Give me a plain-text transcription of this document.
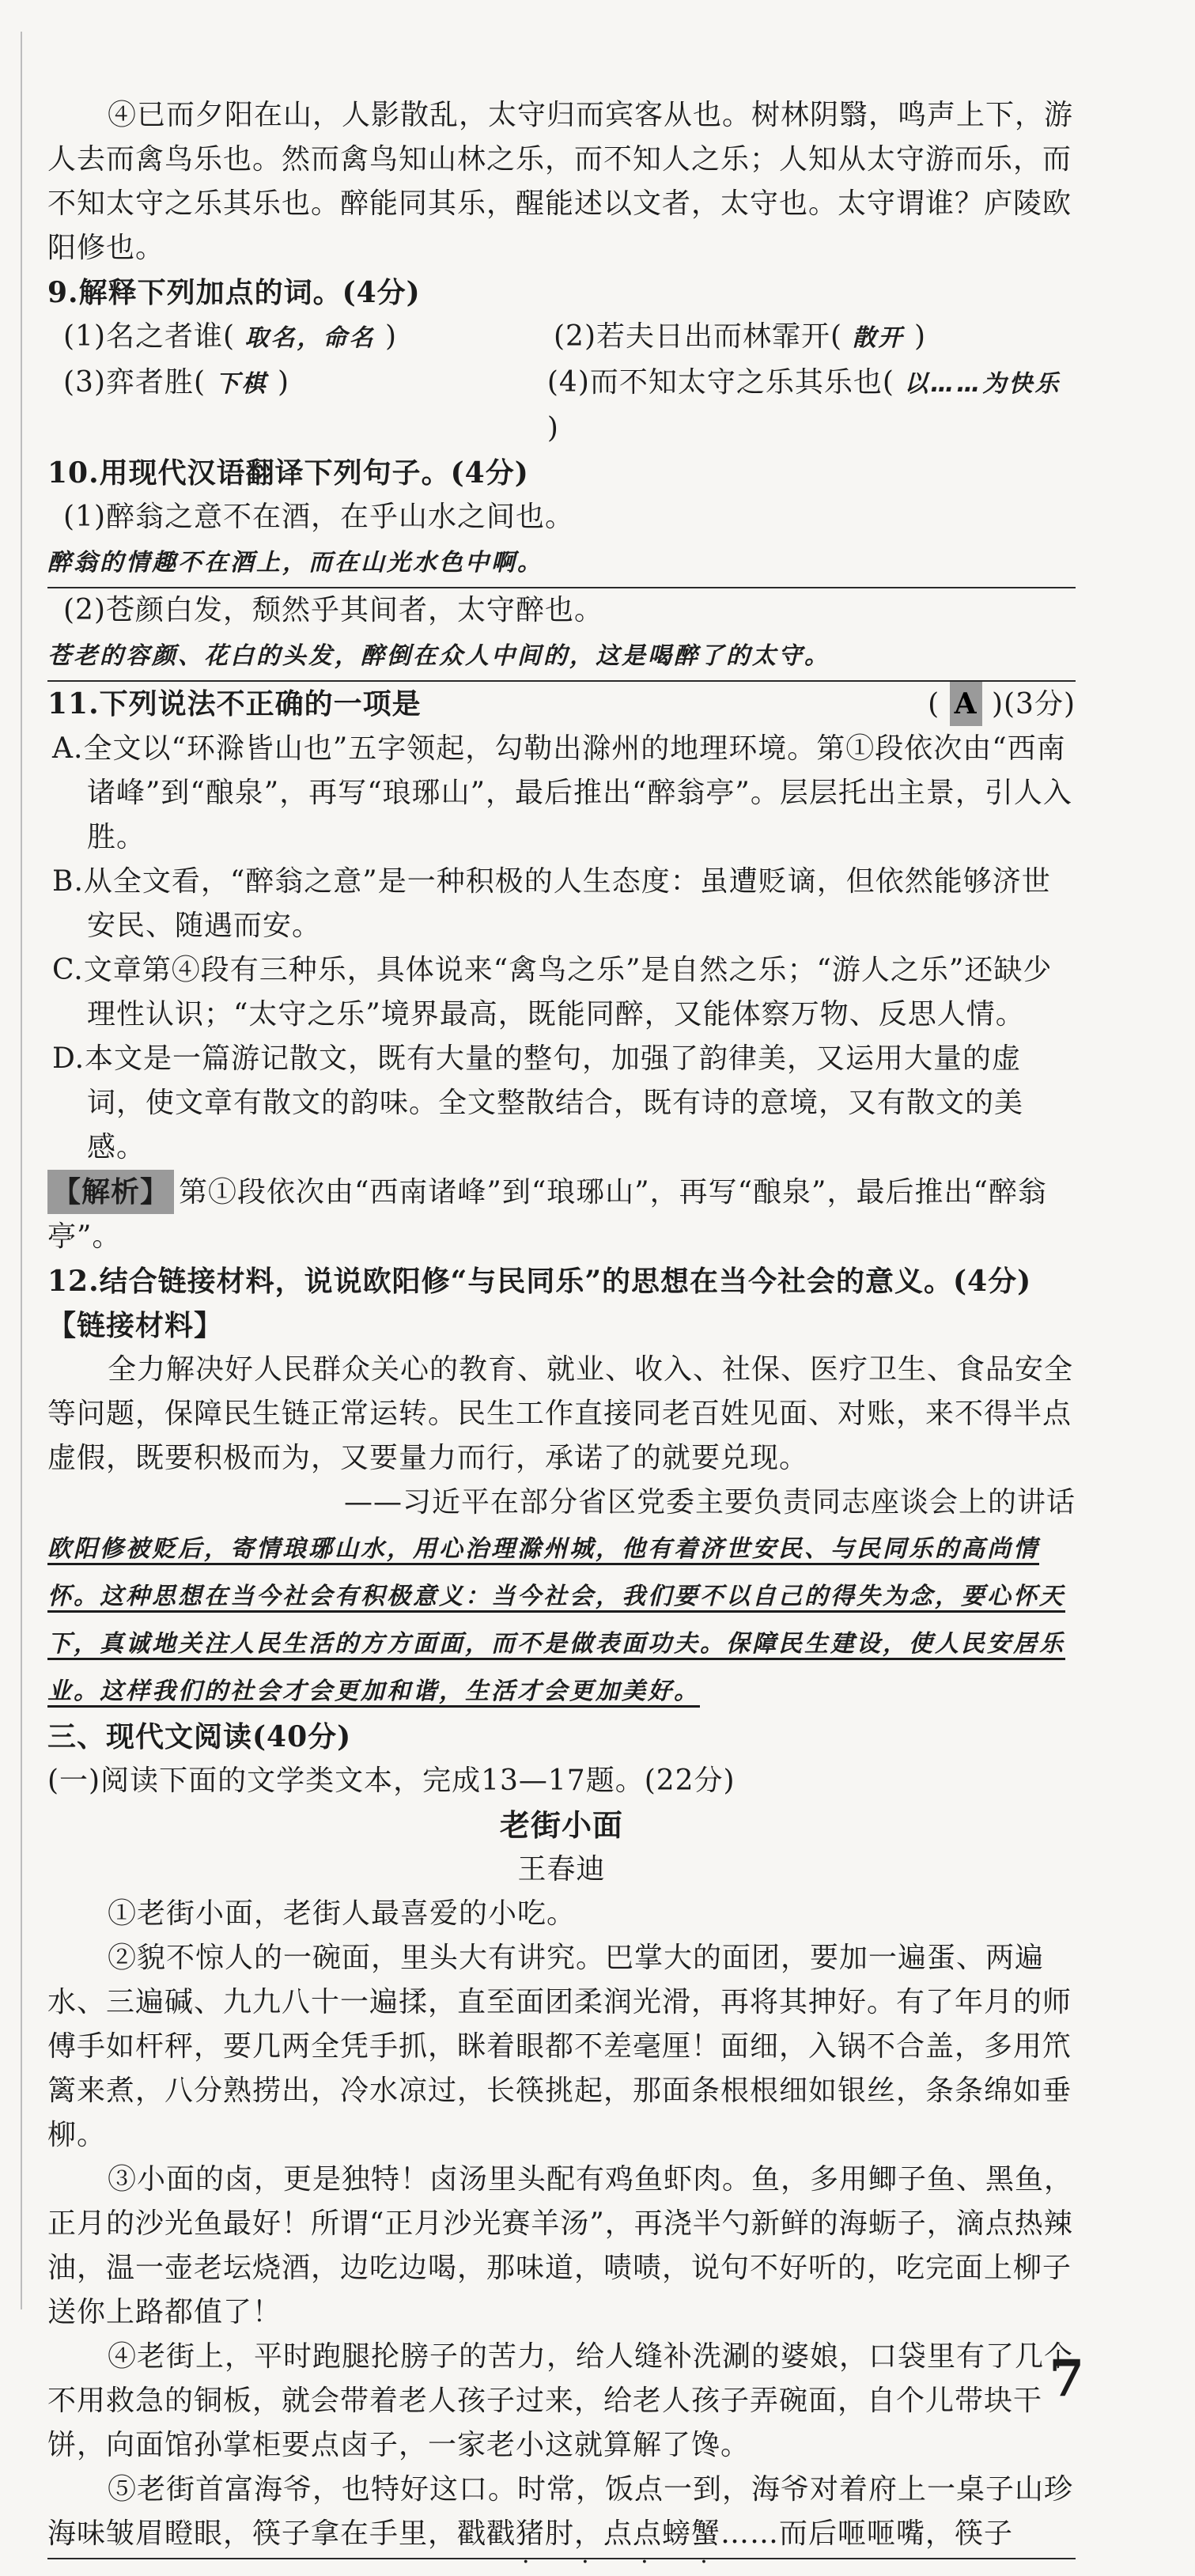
④已而夕阳在山，人影散乱，太守归而宾客从也。树林阴翳，鸣声上下，游人去而禽鸟乐也。然而禽鸟知山林之乐，而不知人之乐；人知从太守游而乐，而不知太守之乐其乐也。醉能同其乐，醒能述以文者，太守也。太守谓谁？庐陵欧阳修也。

9.解释下列加点的词。(4分)

(1)名之者谁( 取名，命名 )	(2)若夫日出而林霏开( 散开 )
(3)弈者胜( 下棋 )	(4)而不知太守之乐其乐也( 以……为快乐 )

10.用现代汉语翻译下列句子。(4分)

(1)醉翁之意不在酒，在乎山水之间也。

醉翁的情趣不在酒上，而在山光水色中啊。

(2)苍颜白发，颓然乎其间者，太守醉也。

苍老的容颜、花白的头发，醉倒在众人中间的，这是喝醉了的太守。

11.下列说法不正确的一项是	( A )(3分)

A.全文以“环滁皆山也”五字领起，勾勒出滁州的地理环境。第①段依次由“西南诸峰”到“酿泉”，再写“琅琊山”，最后推出“醉翁亭”。层层托出主景，引人入胜。

B.从全文看，“醉翁之意”是一种积极的人生态度：虽遭贬谪，但依然能够济世安民、随遇而安。

C.文章第④段有三种乐，具体说来“禽鸟之乐”是自然之乐；“游人之乐”还缺少理性认识；“太守之乐”境界最高，既能同醉，又能体察万物、反思人情。

D.本文是一篇游记散文，既有大量的整句，加强了韵律美，又运用大量的虚词，使文章有散文的韵味。全文整散结合，既有诗的意境，又有散文的美感。

【解析】 第①段依次由“西南诸峰”到“琅琊山”，再写“酿泉”，最后推出“醉翁亭”。

12.结合链接材料，说说欧阳修“与民同乐”的思想在当今社会的意义。(4分)

【链接材料】

全力解决好人民群众关心的教育、就业、收入、社保、医疗卫生、食品安全等问题，保障民生链正常运转。民生工作直接同老百姓见面、对账，来不得半点虚假，既要积极而为，又要量力而行，承诺了的就要兑现。

——习近平在部分省区党委主要负责同志座谈会上的讲话

欧阳修被贬后，寄情琅琊山水，用心治理滁州城，他有着济世安民、与民同乐的高尚情怀。这种思想在当今社会有积极意义：当今社会，我们要不以自己的得失为念，要心怀天下，真诚地关注人民生活的方方面面，而不是做表面功夫。保障民生建设，使人民安居乐业。这样我们的社会才会更加和谐，生活才会更加美好。

三、现代文阅读(40分)

(一)阅读下面的文学类文本，完成13—17题。(22分)

老街小面

王春迪

①老街小面，老街人最喜爱的小吃。

②貌不惊人的一碗面，里头大有讲究。巴掌大的面团，要加一遍蛋、两遍水、三遍碱、九九八十一遍揉，直至面团柔润光滑，再将其抻好。有了年月的师傅手如杆秤，要几两全凭手抓，眯着眼都不差毫厘！面细，入锅不合盖，多用笊篱来煮，八分熟捞出，冷水凉过，长筷挑起，那面条根根细如银丝，条条绵如垂柳。

③小面的卤，更是独特！卤汤里头配有鸡鱼虾肉。鱼，多用鲫子鱼、黑鱼，正月的沙光鱼最好！所谓“正月沙光赛羊汤”，再浇半勺新鲜的海蛎子，滴点热辣油，温一壶老坛烧酒，边吃边喝，那味道，啧啧，说句不好听的，吃完面上柳子送你上路都值了！

④老街上，平时跑腿抡膀子的苦力，给人缝补洗涮的婆娘，口袋里有了几个不用救急的铜板，就会带着老人孩子过来，给老人孩子弄碗面，自个儿带块干饼，向面馆孙掌柜要点卤子，一家老小这就算解了馋。

⑤老街首富海爷，也特好这口。时常，饭点一到，海爷对着府上一桌子山珍海味皱眉瞪眼，筷子拿在手里，戳戳猪肘，点点螃蟹……而后咂咂嘴，筷子

· · · ·
7
